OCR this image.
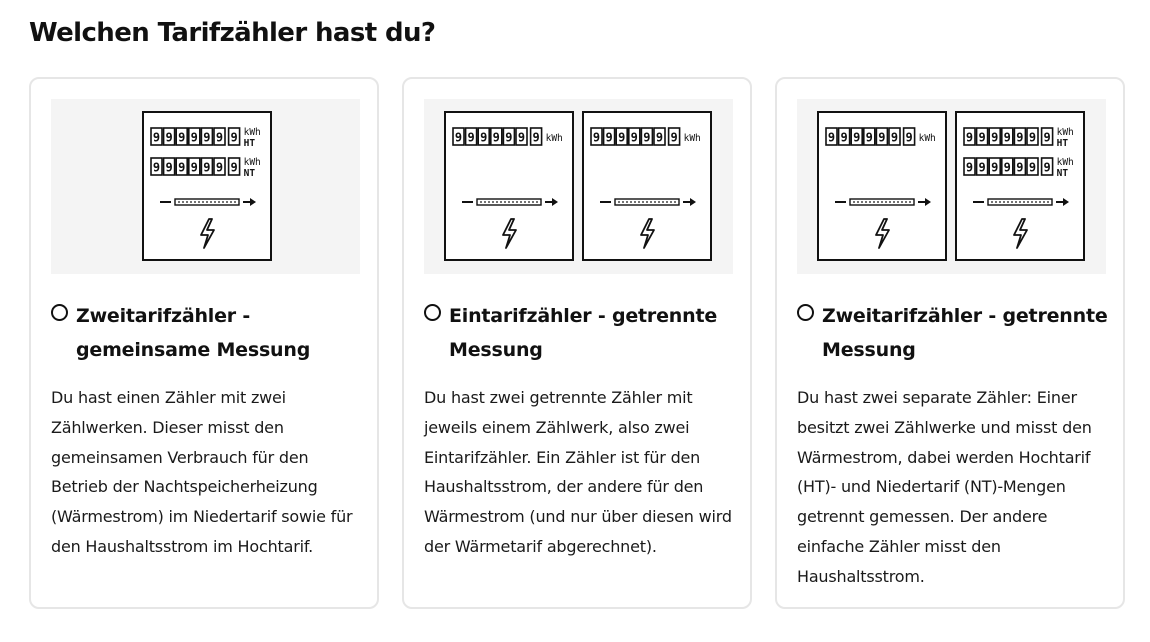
Welchen Tarifzähler hast du?
9 9 9 9 9 9 9 kWh
HT
9 9 9 9 9 9 9 kWh
NT
Zweitarifzähler -
gemeinsame Messung

Du hast einen Zähler mit zwei Zählwerken. Dieser misst den gemeinsamen Verbrauch für den Betrieb der Nachtspeicherheizung (Wärmestrom) im Niedertarif sowie für den Haushaltsstrom im Hochtarif.

9 9 9 9 9 9 9 kWh	9 9 9 9 9 9 9 kWh
Eintarifzähler - getrennte
Messung

Du hast zwei getrennte Zähler mit jeweils einem Zählwerk, also zwei Eintarifzähler. Ein Zähler ist für den Haushaltsstrom, der andere für den Wärmestrom (und nur über diesen wird der Wärmetarif abgerechnet).

9 9 9 9 9 9 9 kWh	9 9 9 9 9 9 9 kWh
HT
9 9 9 9 9 9 9 kWh
NT
Zweitarifzähler - getrennte
Messung

Du hast zwei separate Zähler: Einer besitzt zwei Zählwerke und misst den Wärmestrom, dabei werden Hochtarif (HT)- und Niedertarif (NT)-Mengen getrennt gemessen. Der andere einfache Zähler misst den Haushaltsstrom.
